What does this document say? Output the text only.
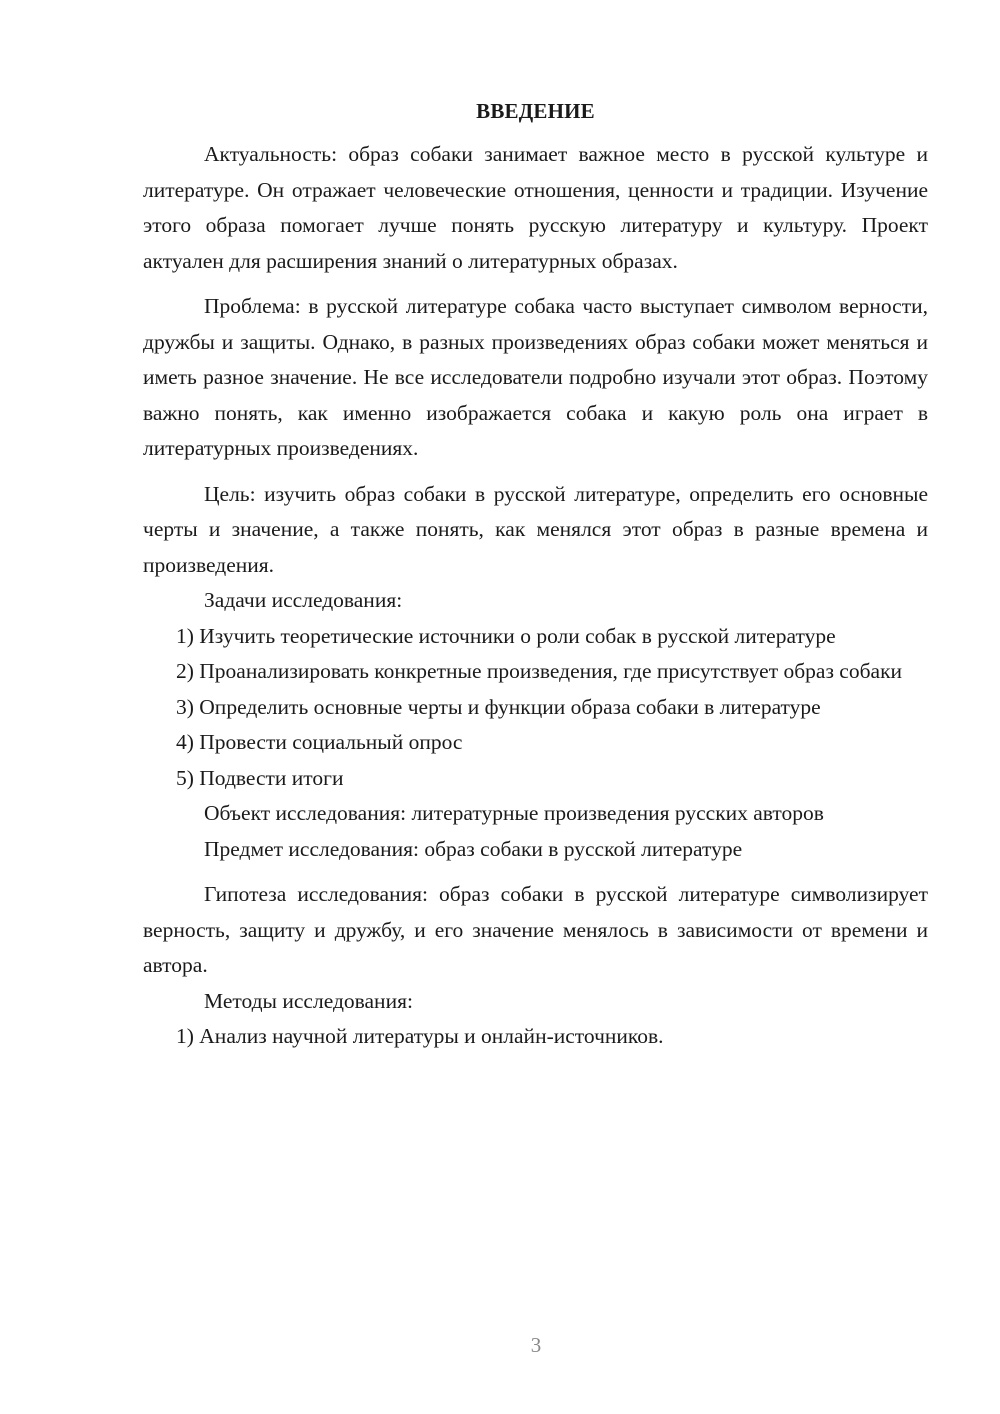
ВВЕДЕНИЕ

Актуальность: образ собаки занимает важное место в русской культуре и литературе. Он отражает человеческие отношения, ценности и традиции. Изучение этого образа помогает лучше понять русскую литературу и культуру. Проект актуален для расширения знаний о литературных образах.

Проблема: в русской литературе собака часто выступает символом верности, дружбы и защиты. Однако, в разных произведениях образ собаки может меняться и иметь разное значение. Не все исследователи подробно изучали этот образ. Поэтому важно понять, как именно изображается собака и какую роль она играет в литературных произведениях.

Цель: изучить образ собаки в русской литературе, определить его основные черты и значение, а также понять, как менялся этот образ в разные времена и произведения.

Задачи исследования:

1) Изучить теоретические источники о роли собак в русской литературе

2) Проанализировать конкретные произведения, где присутствует образ собаки

3) Определить основные черты и функции образа собаки в литературе

4) Провести социальный опрос

5) Подвести итоги

Объект исследования: литературные произведения русских авторов

Предмет исследования: образ собаки в русской литературе

Гипотеза исследования: образ собаки в русской литературе символизирует верность, защиту и дружбу, и его значение менялось в зависимости от времени и автора.

Методы исследования:

1) Анализ научной литературы и онлайн-источников.

3
